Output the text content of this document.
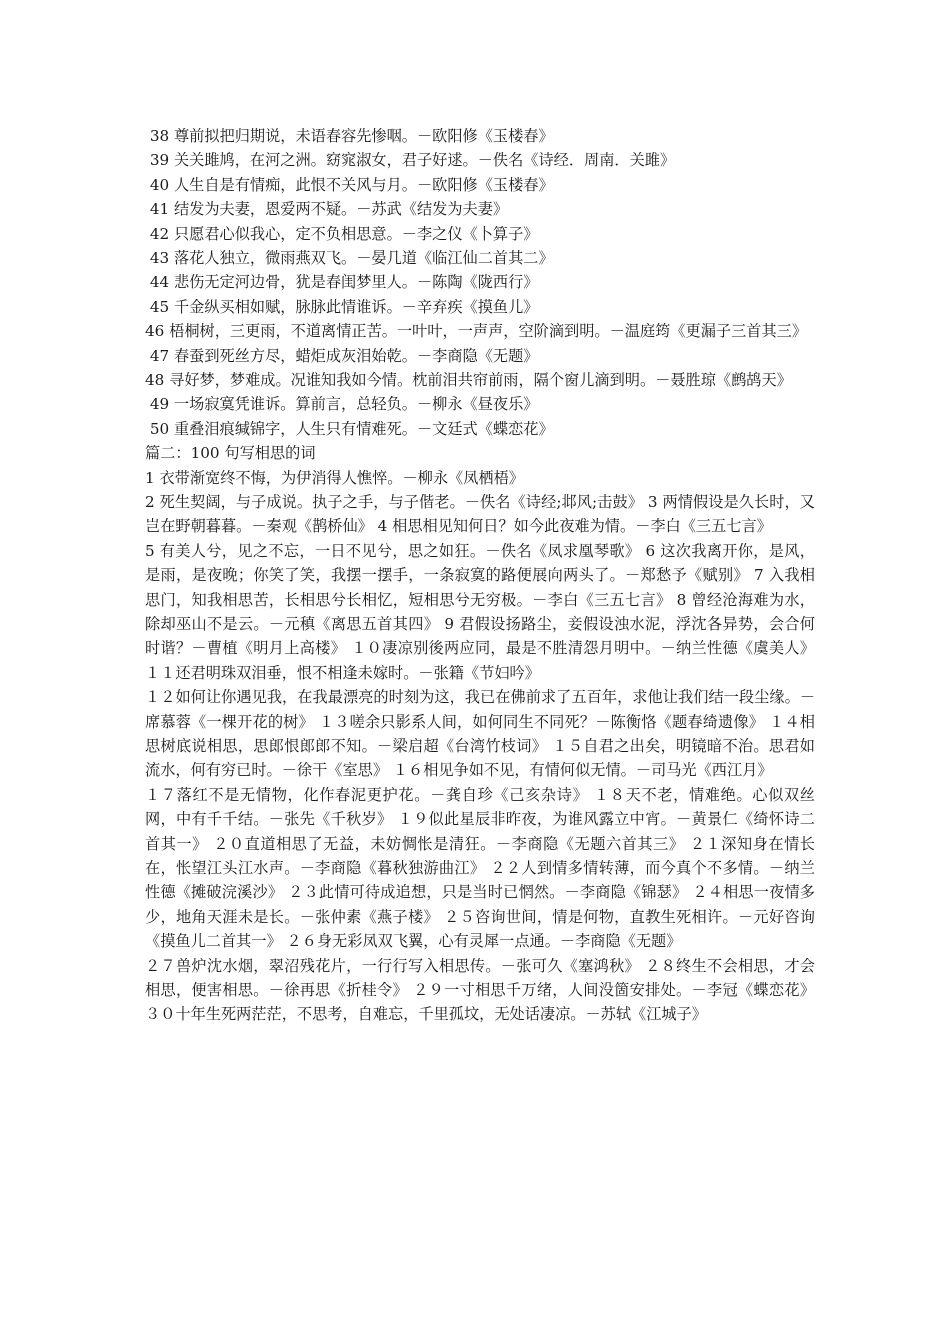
38 尊前拟把归期说，未语春容先惨咽。－欧阳修《玉楼春》
39 关关雎鸠，在河之洲。窈窕淑女，君子好逑。－佚名《诗经．周南．关雎》
40 人生自是有情痴，此恨不关风与月。－欧阳修《玉楼春》
41 结发为夫妻，恩爱两不疑。－苏武《结发为夫妻》
42 只愿君心似我心，定不负相思意。－李之仪《卜算子》
43 落花人独立，微雨燕双飞。－晏几道《临江仙二首其二》
44 悲伤无定河边骨，犹是春闺梦里人。－陈陶《陇西行》
45 千金纵买相如赋，脉脉此情谁诉。－辛弃疾《摸鱼儿》
46 梧桐树，三更雨，不道离情正苦。一叶叶，一声声，空阶滴到明。－温庭筠《更漏子三首其三》
47 春蚕到死丝方尽，蜡炬成灰泪始乾。－李商隐《无题》
48 寻好梦，梦难成。况谁知我如今情。枕前泪共帘前雨，隔个窗儿滴到明。－聂胜琼《鹧鸪天》
49 一场寂寞凭谁诉。算前言，总轻负。－柳永《昼夜乐》
50 重叠泪痕缄锦字，人生只有情难死。－文廷式《蝶恋花》
篇二：100 句写相思的词
1 衣带渐宽终不悔，为伊消得人憔悴。－柳永《凤栖梧》
2 死生契阔，与子成说。执子之手，与子偕老。－佚名《诗经;邶风;击鼓》 3 两情假设是久长时，又岂在野朝暮暮。－秦观《鹊桥仙》 4 相思相见知何日？如今此夜难为情。－李白《三五七言》
5 有美人兮，见之不忘，一日不见兮，思之如狂。－佚名《凤求凰琴歌》 6 这次我离开你，是风，是雨，是夜晚；你笑了笑，我摆一摆手，一条寂寞的路便展向两头了。－郑愁予《赋别》 7 入我相思门，知我相思苦，长相思兮长相忆，短相思兮无穷极。－李白《三五七言》 8 曾经沧海难为水，除却巫山不是云。－元稹《离思五首其四》 9 君假设扬路尘，妾假设浊水泥，浮沈各异势，会合何时谐？－曹植《明月上高楼》 １０凄凉别後两应同，最是不胜清怨月明中。－纳兰性德《虞美人》 １１还君明珠双泪垂，恨不相逢未嫁时。－张籍《节妇吟》
１２如何让你遇见我，在我最漂亮的时刻为这，我已在佛前求了五百年，求他让我们结一段尘缘。－席慕蓉《一棵开花的树》 １３嗟余只影系人间，如何同生不同死？－陈衡恪《题春绮遗像》 １４相思树底说相思，思郎恨郎郎不知。－梁启超《台湾竹枝词》 １５自君之出矣，明镜暗不治。思君如流水，何有穷已时。－徐干《室思》 １６相见争如不见，有情何似无情。－司马光《西江月》
１７落红不是无情物，化作春泥更护花。－龚自珍《己亥杂诗》 １８天不老，情难绝。心似双丝网，中有千千结。－张先《千秋岁》 １９似此星辰非昨夜，为谁风露立中宵。－黄景仁《绮怀诗二首其一》 ２０直道相思了无益，未妨惆怅是清狂。－李商隐《无题六首其三》 ２１深知身在情长在，怅望江头江水声。－李商隐《暮秋独游曲江》 ２２人到情多情转薄，而今真个不多情。－纳兰性德《摊破浣溪沙》 ２３此情可待成追想，只是当时已惘然。－李商隐《锦瑟》 ２４相思一夜情多少，地角天涯未是长。－张仲素《燕子楼》 ２５咨询世间，情是何物，直教生死相许。－元好咨询《摸鱼儿二首其一》 ２６身无彩凤双飞翼，心有灵犀一点通。－李商隐《无题》
２７兽炉沈水烟，翠沼残花片，一行行写入相思传。－张可久《塞鸿秋》 ２８终生不会相思，才会相思，便害相思。－徐再思《折桂令》 ２９一寸相思千万绪，人间没箇安排处。－李冠《蝶恋花》 ３０十年生死两茫茫，不思考，自难忘，千里孤坟，无处话凄凉。－苏轼《江城子》
